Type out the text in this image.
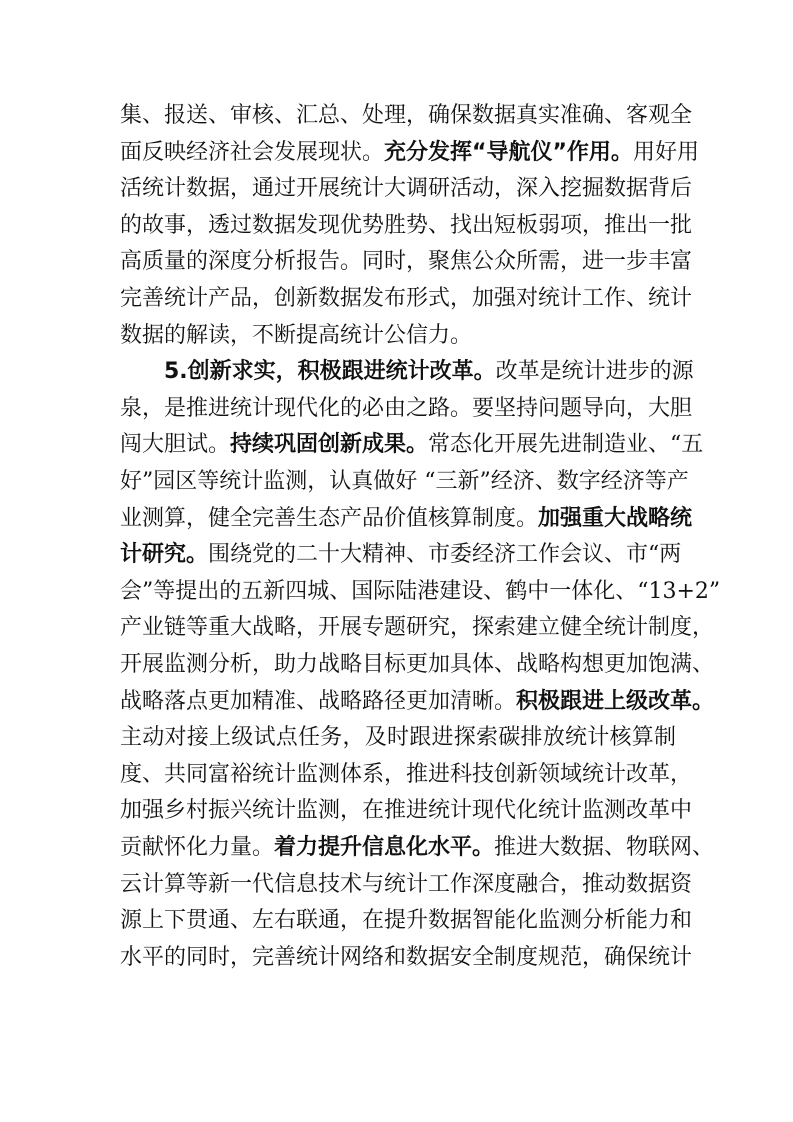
集、报送、审核、汇总、处理，确保数据真实准确、客观全
面反映经济社会发展现状。充分发挥“导航仪”作用。用好用
活统计数据，通过开展统计大调研活动，深入挖掘数据背后
的故事，透过数据发现优势胜势、找出短板弱项，推出一批
高质量的深度分析报告。同时，聚焦公众所需，进一步丰富
完善统计产品，创新数据发布形式，加强对统计工作、统计
数据的解读，不断提高统计公信力。
5.创新求实，积极跟进统计改革。改革是统计进步的源
泉，是推进统计现代化的必由之路。要坚持问题导向，大胆
闯大胆试。持续巩固创新成果。常态化开展先进制造业、“五
好”园区等统计监测，认真做好 “三新”经济、数字经济等产
业测算，健全完善生态产品价值核算制度。加强重大战略统
计研究。围绕党的二十大精神、市委经济工作会议、市“两
会”等提出的五新四城、国际陆港建设、鹤中一体化、“13+2”
产业链等重大战略，开展专题研究，探索建立健全统计制度，
开展监测分析，助力战略目标更加具体、战略构想更加饱满、
战略落点更加精准、战略路径更加清晰。积极跟进上级改革。
主动对接上级试点任务，及时跟进探索碳排放统计核算制
度、共同富裕统计监测体系，推进科技创新领域统计改革，
加强乡村振兴统计监测，在推进统计现代化统计监测改革中
贡献怀化力量。着力提升信息化水平。推进大数据、物联网、
云计算等新一代信息技术与统计工作深度融合，推动数据资
源上下贯通、左右联通，在提升数据智能化监测分析能力和
水平的同时，完善统计网络和数据安全制度规范，确保统计
